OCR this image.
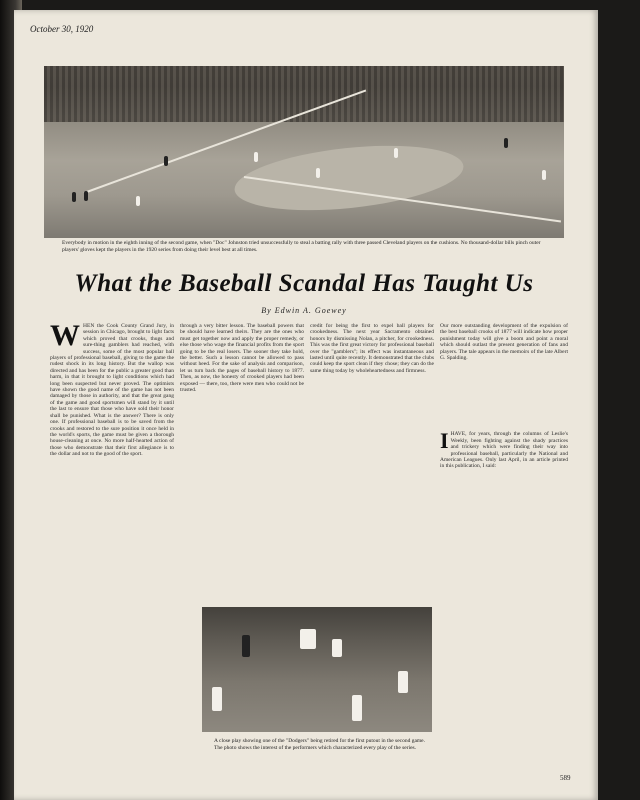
October 30, 1920
Everybody in motion in the eighth inning of the second game, when "Doc" Johnston tried unsuccessfully to steal a batting rally with three passed Cleveland players on the cushions. No thousand-dollar bills pinch outer players' gloves kept the players in the 1920 series from doing their level best at all times.
What the Baseball Scandal Has Taught Us
By Edwin A. Goewey
W HEN the Cook County Grand Jury, in session in Chicago, brought to light facts which proved that crooks, thugs and sure-thing gamblers had reached, with success, some of the most popular ball players of professional baseball, giving to the game the rudest shock in its long history. But the wallop was directed and has been for the public a greater good than harm, in that it brought to light conditions which had long been suspected but never proved. The optimists have shown the good name of the game has not been damaged by those in authority, and that the great gang of the game and good sportsmen will stand by it until the last to ensure that those who have sold their honor shall be punished. What is the answer? There is only one. If professional baseball is to be saved from the crooks and restored to the sure position it once held in the world's sports, the game must be given a thorough house-cleaning at once. No more half-hearted action of those who demonstrate that their first allegiance is to the dollar and not to the good of the sport.
through a very bitter lesson. The baseball powers that be should have learned theirs. They are the ones who must get together now and apply the proper remedy, or else those who wage the financial profits from the sport going to be the real losers. The sooner they take hold, the better. Such a lesson cannot be allowed to pass without heed. For the sake of analysis and comparison, let us turn back the pages of baseball history to 1877. Then, as now, the honesty of crooked players had been exposed — there, too, there were men who could not be trusted.
credit for being the first to expel ball players for crookedness. The next year Sacramento obtained honors by dismissing Nolan, a pitcher, for crookedness. This was the first great victory for professional baseball over the "gamblers"; its effect was instantaneous and lasted until quite recently. It demonstrated that the clubs could keep the sport clean if they chose; they can do the same thing today by wholeheartedness and firmness.
Our more outstanding development of the expulsion of the best baseball crooks of 1877 will indicate how proper punishment today will give a boom and point a moral which should outlast the present generation of fans and players. The tale appears in the memoirs of the late Albert G. Spalding.
I HAVE, for years, through the columns of Leslie's Weekly, been fighting against the shady practices and trickery which were finding their way into professional baseball, particularly the National and American Leagues. Only last April, in an article printed in this publication, I said:
A close play showing one of the "Dodgers" being retired for the first putout in the second game. The photo shows the interest of the performers which characterized every play of the series.
589
